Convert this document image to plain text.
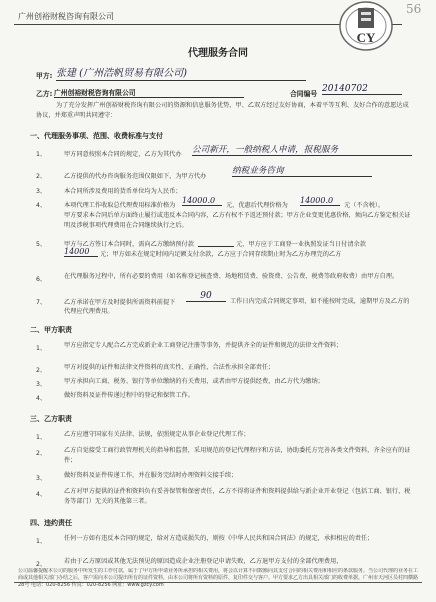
广州创裕财税咨询有限公司
CY
56
代理服务合同
甲方: 张建 (广州浩帆贸易有限公司)
乙方: 广州创裕财税咨询有限公司	合同编号 20140702
为了充分发挥广州创裕财税咨询有限公司的资源和信息服务优势，甲、乙双方经过友好协商，本着平等互利、友好合作的意愿达成协议，并郑重声明共同遵守：
一、代理服务事项、范围、收费标准与支付
1、	甲方同意按照本合同的规定，乙方为其代办 公司新开，一般纳税人申请，报税服务
2、	乙方提供的代办咨询服务范围仅限如下，为甲方代办
纳税业务咨询
3、	本合同所涉及费用的货币单位均为人民币；
4、	本项代理工作收取总代理费用标准价格为
14000.0
元，优惠后代理价格为
14000.0
元（不含税）。
甲方要求本合同后单方面终止履行或违反本合同内容，乙方有权不予返还预付款；甲方企业变更优惠价格，须向乙方鉴定相关证明及涉税事项代理费用在合同继续执行之后。
5、	甲方与乙方签订本合同时，需向乙方缴纳预付款	元，甲方应于工商登一业执照发证当日付清余款
14000	元；甲方如未在规定时间内足额支付余款，乙方应于合同存续期止时为乙方办理完的乙方
6、	在代理服务过程中，所有必要的费用（如名称登记核查费、场地租赁费、验资费、公告费、税费等政府收费）由甲方自理。
7、	乙方承诺在甲方及时提供所需资料前提下
90
工作日内完成合同规定事项，如不能按时完成，逾期甲方及乙方的代理应代理费用。
二、甲方职责
1、	甲方应指定专人配合乙方完成新企业工商登记注册等事务，并提供齐全的证件和规范的法律文件资料；
2、	甲方对提供的证件和法律文件资料的真实性、正确性、合法性承担全部责任；
3、	甲方承担向工商、税务、银行等单位缴纳的有关费用，或者由甲方提供经费，由乙方代为缴纳；
4、	做好资料及证件传递过程中的登记和保管工作。
三、乙方职责
1、	乙方应遵守国家有关法律、法规，依照规定从事企业登记代理工作；
2、	乙方自觉接受工商行政管理机关的指导和监督，采用规范的登记代理程序和方法，协助委托方完善各类文件资料，齐全应有的证件；
3、	做好资料及证件传递工作，并在服务完结时办理资料交接手续；
4、	乙方对甲方提供的证件和资料负有妥善保管和保密责任，乙方不得将证件和资料提供给与新企业开业登记（包括工商、银行、税务等部门）无关的其他第三者。
四、违约责任
1、	任何一方如有违反本合同的规定，给对方造成损失的，则按《中华人民共和国合同法》的规定，承担相应的责任；
2、	若由于乙方原因或其他无法预见的原因造成企业注册登记申请失败，乙方退甲方支付的全部代理费用，
公司温馨提醒本公司的服务中所发生的工作付款，属于了甲方所申请业务所承担的相关费用，将会以计算不同数额向其支付合同的相关费用和相应的条款服务。当公司代理的业务在工商或其他相关部门办结之后，客户需向本公司提出所有的证件资料，由本公司将所有资料的原件、复印件交与客户。甲方要求乙方出具相关部门的收费单据。广州市天河区员村四横路28号 电话：020-8256 传真：020-8256 网址：www.gzcy.com
